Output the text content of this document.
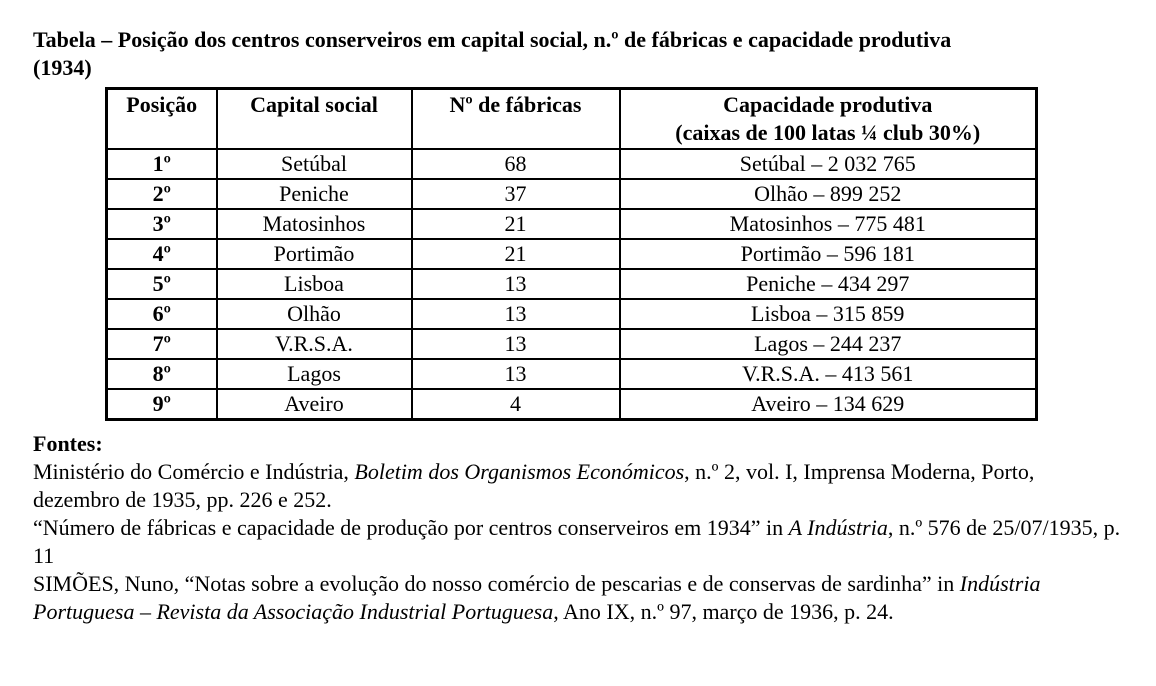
Tabela – Posição dos centros conserveiros em capital social, n.º de fábricas e capacidade produtiva
(1934)
Posição	Capital social	Nº de fábricas	Capacidade produtiva
(caixas de 100 latas ¼ club 30%)

1º	Setúbal	68	Setúbal – 2 032 765
2º	Peniche	37	Olhão – 899 252
3º	Matosinhos	21	Matosinhos – 775 481
4º	Portimão	21	Portimão – 596 181
5º	Lisboa	13	Peniche – 434 297
6º	Olhão	13	Lisboa – 315 859
7º	V.R.S.A.	13	Lagos – 244 237
8º	Lagos	13	V.R.S.A. – 413 561
9º	Aveiro	4	Aveiro – 134 629

Fontes:

Ministério do Comércio e Indústria, Boletim dos Organismos Económicos, n.º 2, vol. I, Imprensa Moderna, Porto, dezembro de 1935, pp. 226 e 252.

“Número de fábricas e capacidade de produção por centros conserveiros em 1934” in A Indústria, n.º 576 de 25/07/1935, p. 11

SIMÕES, Nuno, “Notas sobre a evolução do nosso comércio de pescarias e de conservas de sardinha” in Indústria Portuguesa – Revista da Associação Industrial Portuguesa, Ano IX, n.º 97, março de 1936, p. 24.
